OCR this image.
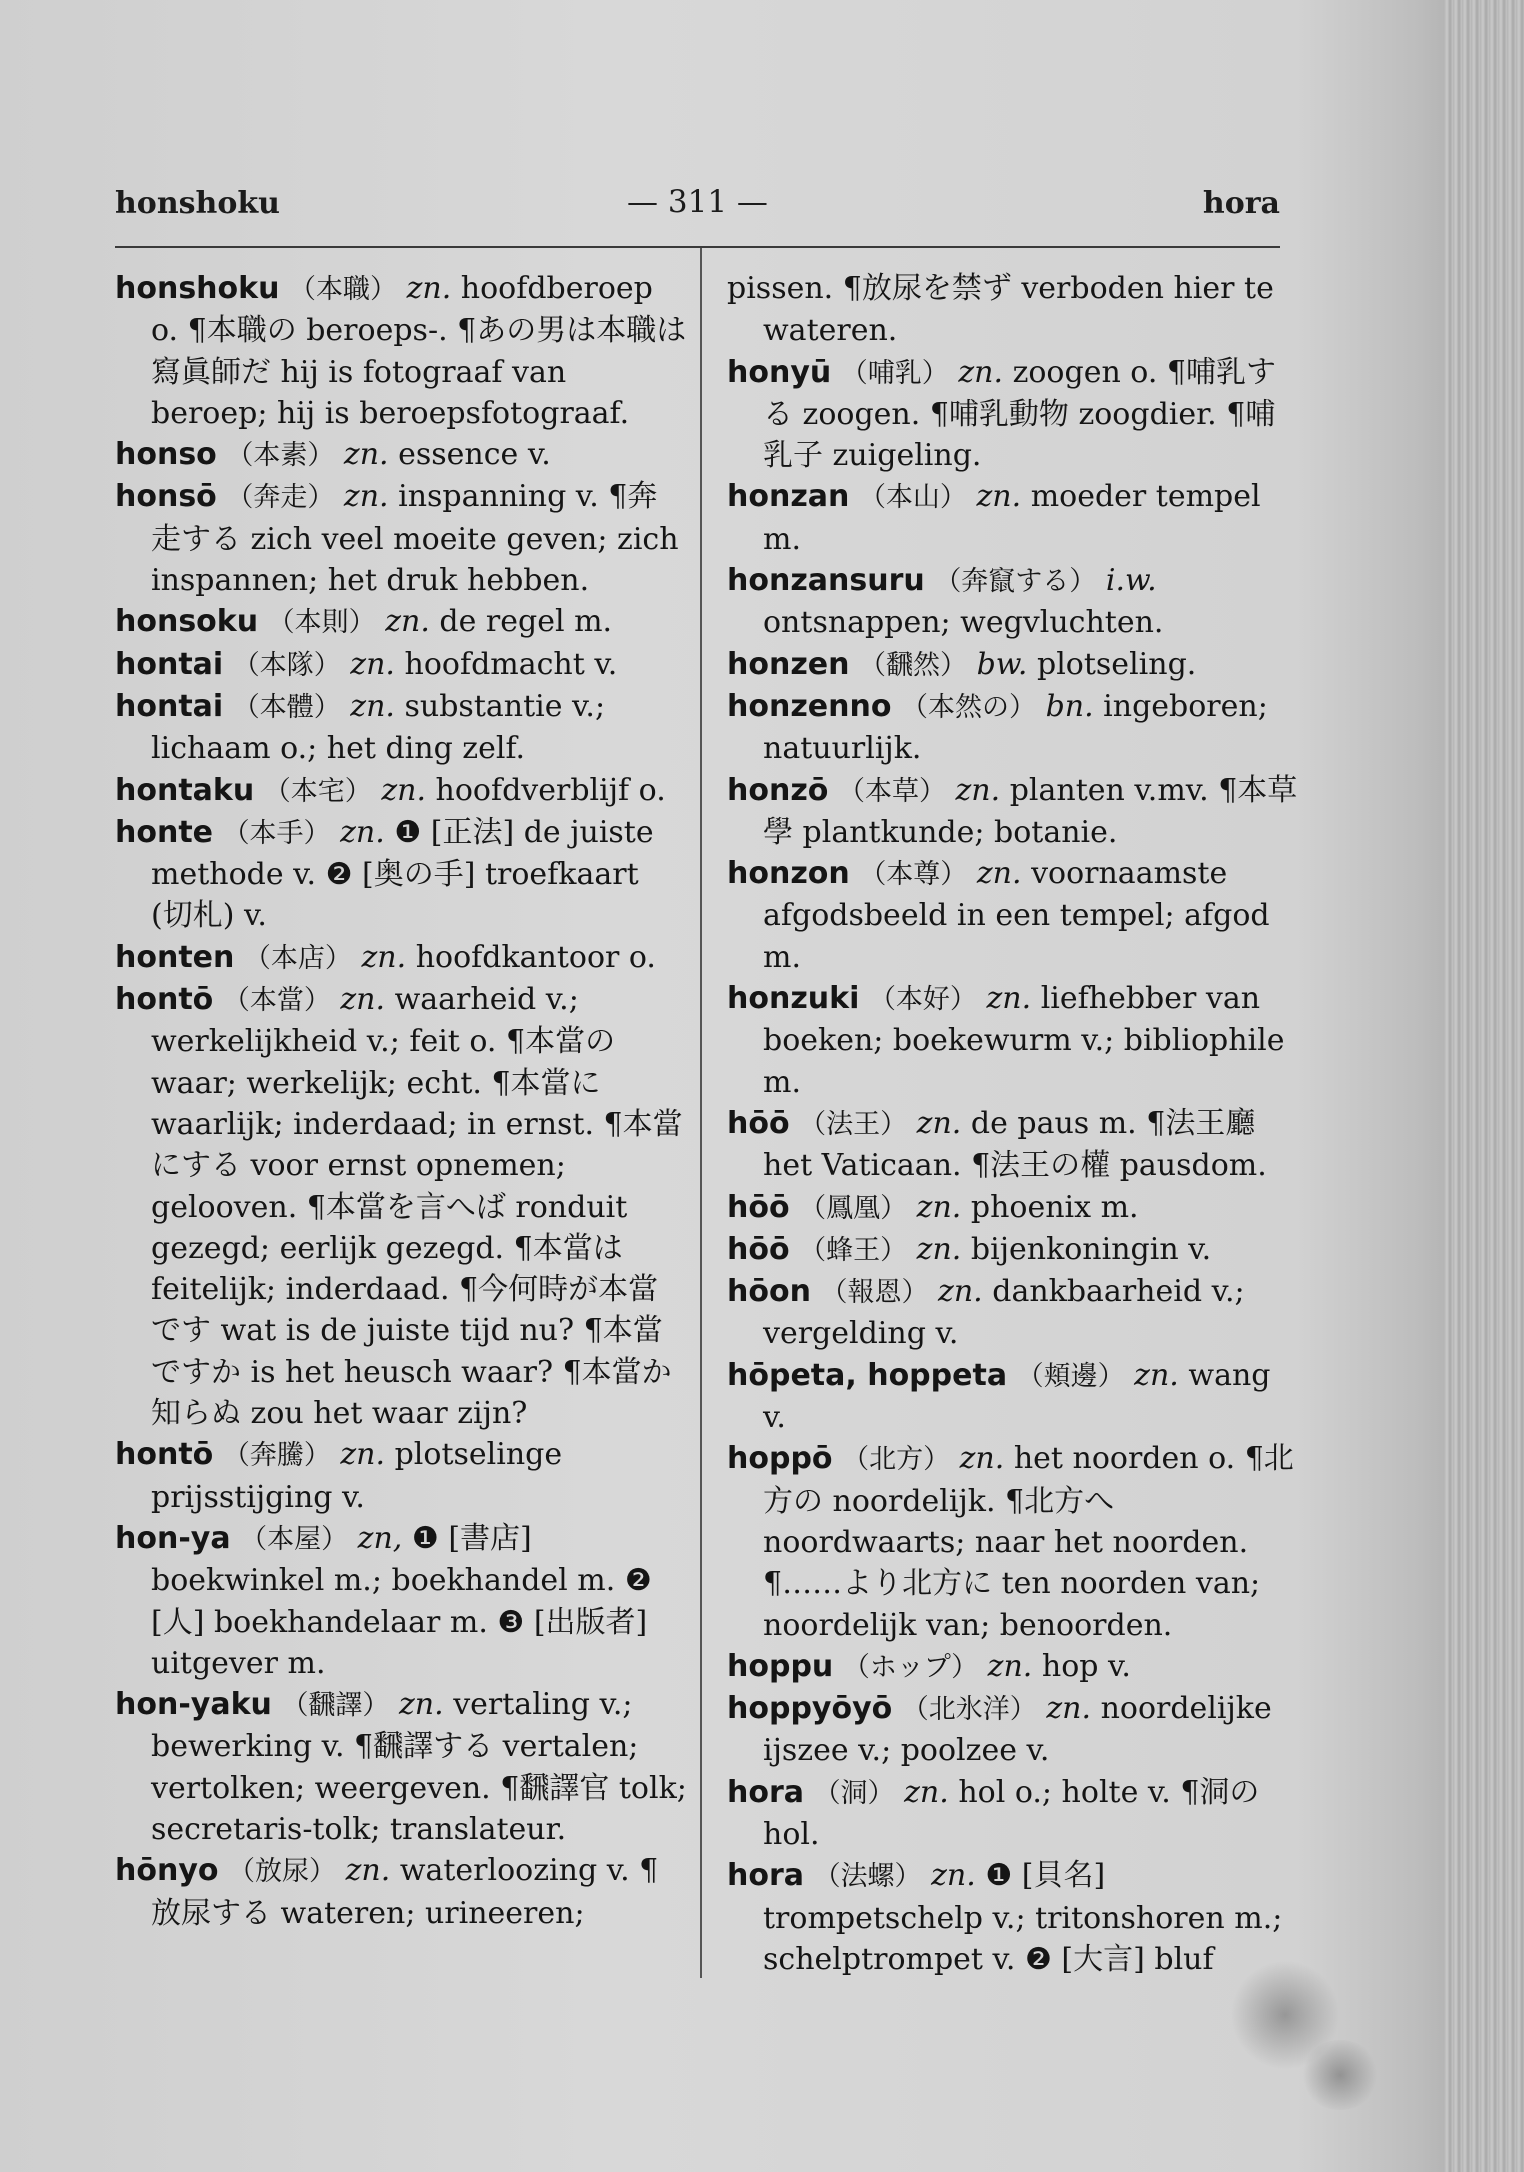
honshoku	— 311 —	hora

honshoku （本職） zn. hoofdberoep o. ¶本職の beroeps-. ¶あの男は本職は寫眞師だ hij is fotograaf van beroep; hij is beroepsfotograaf.

honso （本素） zn. essence v.

honsō （奔走） zn. inspanning v. ¶奔走する zich veel moeite geven; zich inspannen; het druk hebben.

honsoku （本則） zn. de regel m.

hontai （本隊） zn. hoofdmacht v.

hontai （本體） zn. substantie v.; lichaam o.; het ding zelf.

hontaku （本宅） zn. hoofdverblijf o.

honte （本手） zn. ❶ [正法] de juiste methode v. ❷ [奥の手] troefkaart (切札) v.

honten （本店） zn. hoofdkantoor o.

hontō （本當） zn. waarheid v.; werkelijkheid v.; feit o. ¶本當の waar; werkelijk; echt. ¶本當に waarlijk; inderdaad; in ernst. ¶本當にする voor ernst opnemen; gelooven. ¶本當を言へば ronduit gezegd; eerlijk gezegd. ¶本當は feitelijk; inderdaad. ¶今何時が本當です wat is de juiste tijd nu? ¶本當ですか is het heusch waar? ¶本當か知らぬ zou het waar zijn?

hontō （奔騰） zn. plotselinge prijsstijging v.

hon-ya （本屋） zn, ❶ [書店] boekwinkel m.; boekhandel m. ❷ [人] boekhandelaar m. ❸ [出版者] uitgever m.

hon-yaku （飜譯） zn. vertaling v.; bewerking v. ¶飜譯する vertalen; vertolken; weergeven. ¶飜譯官 tolk; secretaris-tolk; translateur.

hōnyo （放尿） zn. waterloozing v. ¶放尿する wateren; urineeren;

pissen. ¶放尿を禁ず verboden hier te wateren.

honyū （哺乳） zn. zoogen o. ¶哺乳する zoogen. ¶哺乳動物 zoogdier. ¶哺乳子 zuigeling.

honzan （本山） zn. moeder tempel m.

honzansuru （奔竄する） i.w. ontsnappen; wegvluchten.

honzen （飜然） bw. plotseling.

honzenno （本然の） bn. ingeboren; natuurlijk.

honzō （本草） zn. planten v.mv. ¶本草學 plantkunde; botanie.

honzon （本尊） zn. voornaamste afgodsbeeld in een tempel; afgod m.

honzuki （本好） zn. liefhebber van boeken; boekewurm v.; bibliophile m.

hōō （法王） zn. de paus m. ¶法王廳 het Vaticaan. ¶法王の權 pausdom.

hōō （鳳凰） zn. phoenix m.

hōō （蜂王） zn. bijenkoningin v.

hōon （報恩） zn. dankbaarheid v.; vergelding v.

hōpeta, hoppeta （頬邊） zn. wang v.

hoppō （北方） zn. het noorden o. ¶北方の noordelijk. ¶北方へ noordwaarts; naar het noorden. ¶……より北方に ten noorden van; noordelijk van; benoorden.

hoppu （ホップ） zn. hop v.

hoppyōyō （北氷洋） zn. noordelijke ijszee v.; poolzee v.

hora （洞） zn. hol o.; holte v. ¶洞の hol.

hora （法螺） zn. ❶ [貝名] trompetschelp v.; tritonshoren m.; schelptrompet v. ❷ [大言] bluf
